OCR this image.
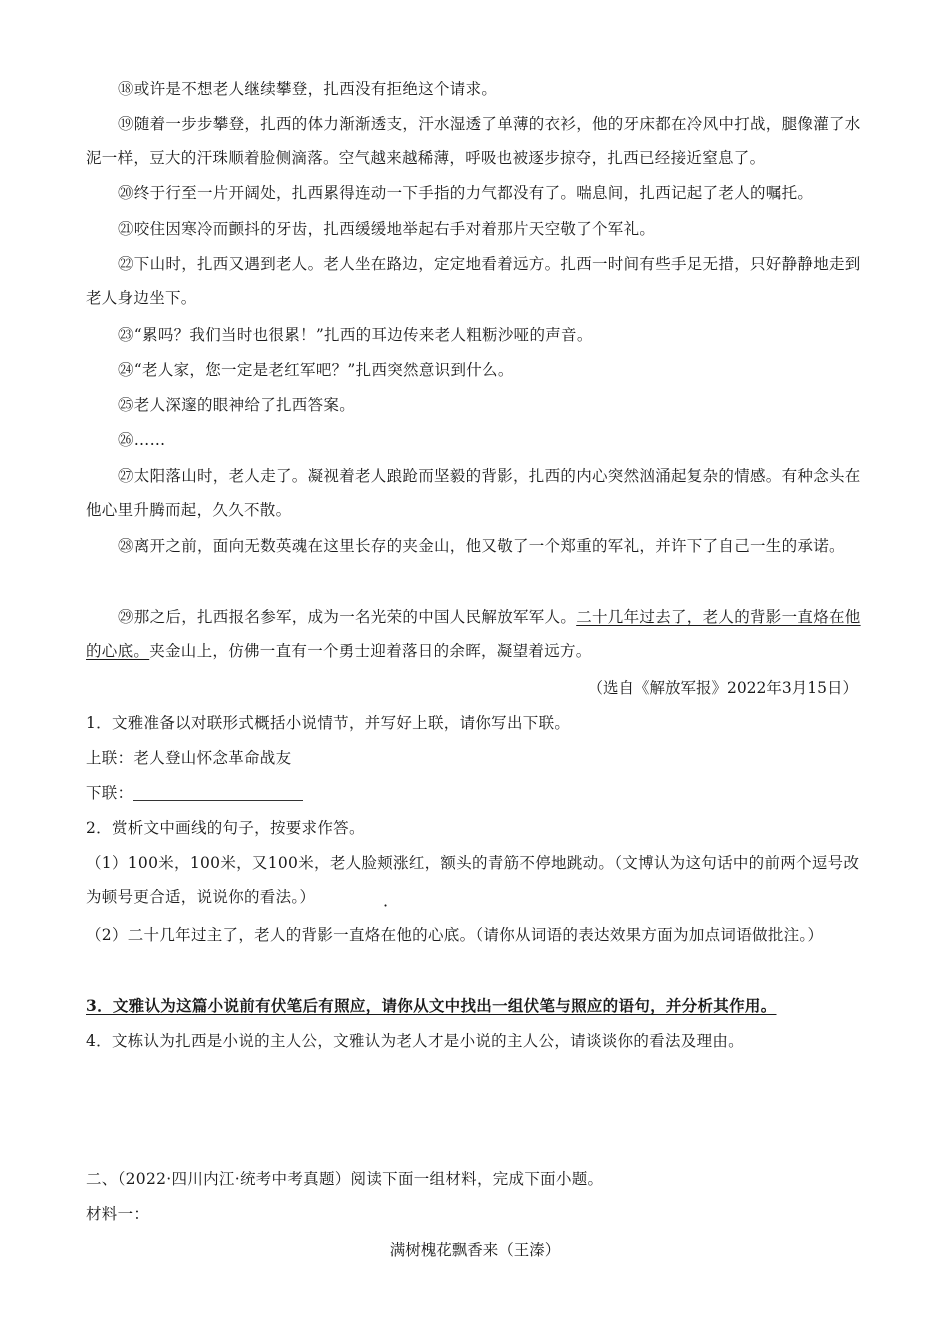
⑱或许是不想老人继续攀登，扎西没有拒绝这个请求。

⑲随着一步步攀登，扎西的体力渐渐透支，汗水湿透了单薄的衣衫，他的牙床都在冷风中打战，腿像灌了水泥一样，豆大的汗珠顺着脸侧滴落。空气越来越稀薄，呼吸也被逐步掠夺，扎西已经接近窒息了。

⑳终于行至一片开阔处，扎西累得连动一下手指的力气都没有了。喘息间，扎西记起了老人的嘱托。

㉑咬住因寒冷而颤抖的牙齿，扎西缓缓地举起右手对着那片天空敬了个军礼。

㉒下山时，扎西又遇到老人。老人坐在路边，定定地看着远方。扎西一时间有些手足无措，只好静静地走到老人身边坐下。

㉓“累吗？我们当时也很累！”扎西的耳边传来老人粗粝沙哑的声音。

㉔“老人家，您一定是老红军吧？”扎西突然意识到什么。

㉕老人深邃的眼神给了扎西答案。

㉖……

㉗太阳落山时，老人走了。凝视着老人踉跄而坚毅的背影，扎西的内心突然汹涌起复杂的情感。有种念头在他心里升腾而起，久久不散。

㉘离开之前，面向无数英魂在这里长存的夹金山，他又敬了一个郑重的军礼，并许下了自己一生的承诺。

㉙那之后，扎西报名参军，成为一名光荣的中国人民解放军军人。二十几年过去了，老人的背影一直烙在他的心底。夹金山上，仿佛一直有一个勇士迎着落日的余晖，凝望着远方。

（选自《解放军报》2022年3月15日）

1．文雅准备以对联形式概括小说情节，并写好上联，请你写出下联。

上联：老人登山怀念革命战友

下联：

2．赏析文中画线的句子，按要求作答。

（1）100米，100米，又100米，老人脸颊涨红，额头的青筋不停地跳动。（文博认为这句话中的前两个逗号改为顿号更合适，说说你的看法。）	·

（2）二十几年过主了，老人的背影一直烙在他的心底。（请你从词语的表达效果方面为加点词语做批注。）

3．文雅认为这篇小说前有伏笔后有照应，请你从文中找出一组伏笔与照应的语句，并分析其作用。

4．文栋认为扎西是小说的主人公，文雅认为老人才是小说的主人公，请谈谈你的看法及理由。

二、（2022·四川内江·统考中考真题）阅读下面一组材料，完成下面小题。

材料一：

满树槐花飘香来（王溱）
